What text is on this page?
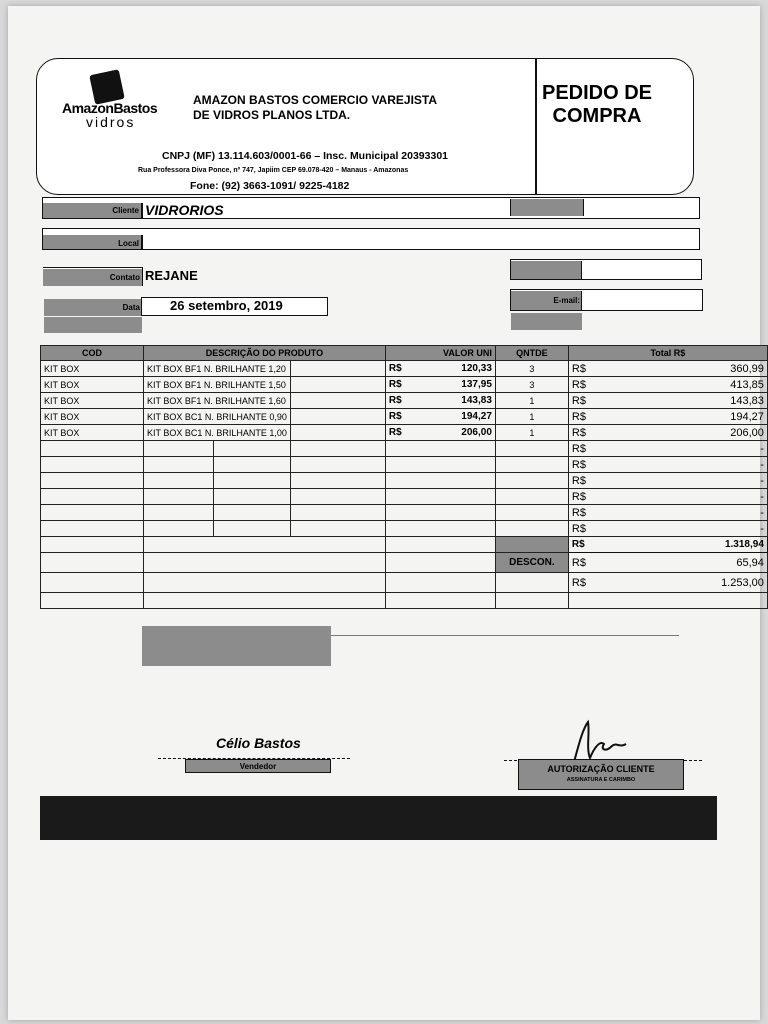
AmazonBastos
vidros
AMAZON BASTOS COMERCIO VAREJISTA
DE VIDROS PLANOS LTDA.
PEDIDO DE
COMPRA
CNPJ (MF) 13.114.603/0001-66 – Insc. Municipal 20393301
Rua Professora Diva Ponce, nº 747, Japiim CEP 69.078-420 – Manaus - Amazonas
Fone: (92) 3663-1091/ 9225-4182
Cliente VIDRORIOS
Local
Contato REJANE
Data 26 setembro, 2019	E-mail:
COD	DESCRIÇÃO DO PRODUTO			VALOR UNI	QNTDE	Total R$
KIT BOX	KIT BOX BF1 N. BRILHANTE 1,20			R$ 120,33	3	R$ 360,99

KIT BOX	KIT BOX BF1 N. BRILHANTE 1,50			R$ 137,95	3	R$ 413,85

KIT BOX	KIT BOX BF1 N. BRILHANTE 1,60			R$ 143,83	1	R$ 143,83

KIT BOX	KIT BOX BC1 N. BRILHANTE 0,90			R$ 194,27	1	R$ 194,27

KIT BOX	KIT BOX BC1 N. BRILHANTE 1,00			R$ 206,00	1	R$ 206,00

						R$ -

						R$ -

						R$ -

						R$ -

						R$ -

						R$ -

						R$ 1.318,94

					DESCON.	R$ 65,94

						R$ 1.253,00

Célio Bastos
Vendedor	AUTORIZAÇÃO CLIENTE
ASSINATURA E CARIMBO
